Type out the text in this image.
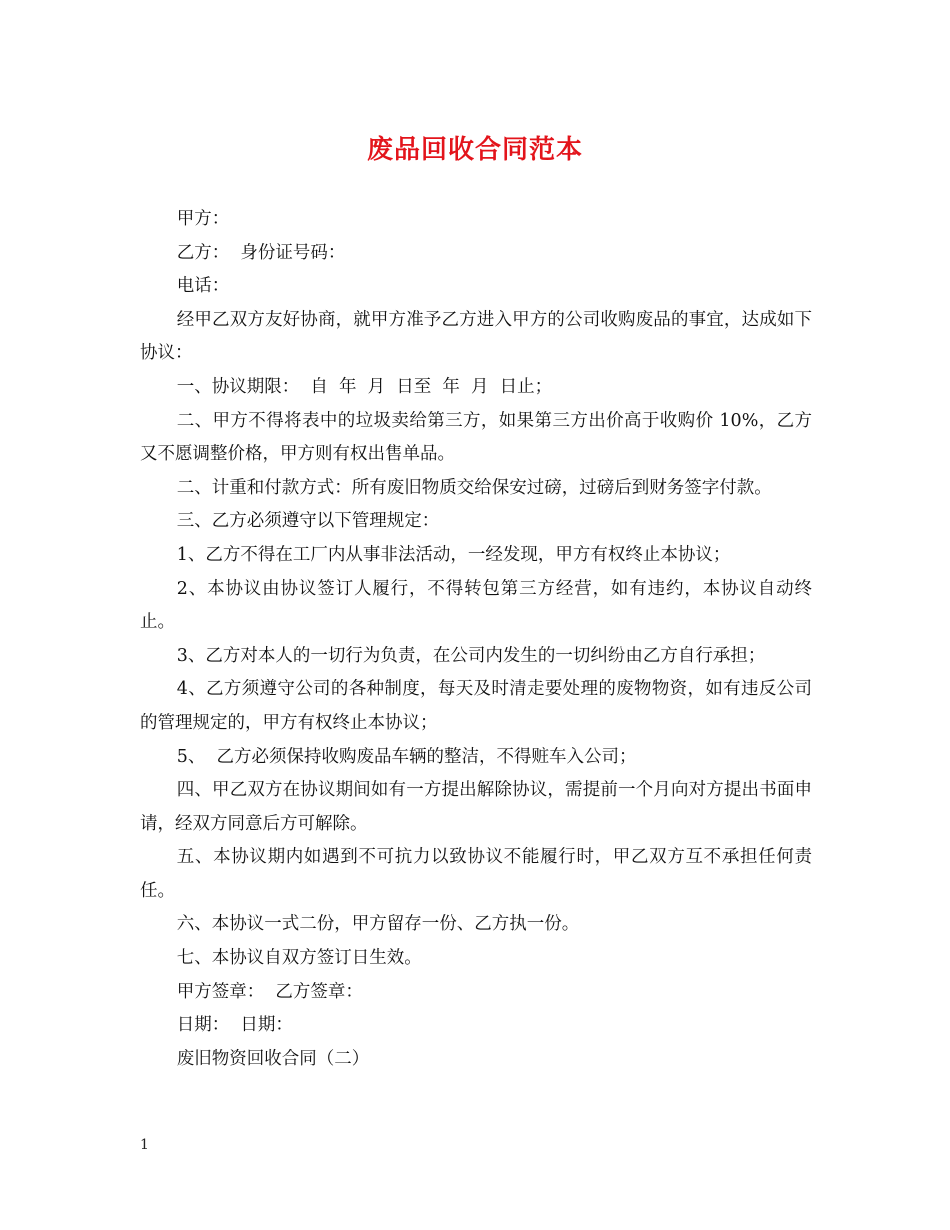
废品回收合同范本

甲方：

乙方：  身份证号码：

电话：

经甲乙双方友好协商，就甲方准予乙方进入甲方的公司收购废品的事宜，达成如下协议：

一、协议期限：  自  年  月  日至  年  月  日止；

二、甲方不得将表中的垃圾卖给第三方，如果第三方出价高于收购价 10%，乙方又不愿调整价格，甲方则有权出售单品。

二、计重和付款方式：所有废旧物质交给保安过磅，过磅后到财务签字付款。

三、乙方必须遵守以下管理规定：

1、乙方不得在工厂内从事非法活动，一经发现，甲方有权终止本协议；

2、本协议由协议签订人履行，不得转包第三方经营，如有违约，本协议自动终止。

3、乙方对本人的一切行为负责，在公司内发生的一切纠纷由乙方自行承担；

4、乙方须遵守公司的各种制度，每天及时清走要处理的废物物资，如有违反公司的管理规定的，甲方有权终止本协议；

5、  乙方必须保持收购废品车辆的整洁，不得赃车入公司；

四、甲乙双方在协议期间如有一方提出解除协议，需提前一个月向对方提出书面申请，经双方同意后方可解除。

五、本协议期内如遇到不可抗力以致协议不能履行时，甲乙双方互不承担任何责任。

六、本协议一式二份，甲方留存一份、乙方执一份。

七、本协议自双方签订日生效。

甲方签章：  乙方签章：

日期：  日期：

废旧物资回收合同（二）

1
